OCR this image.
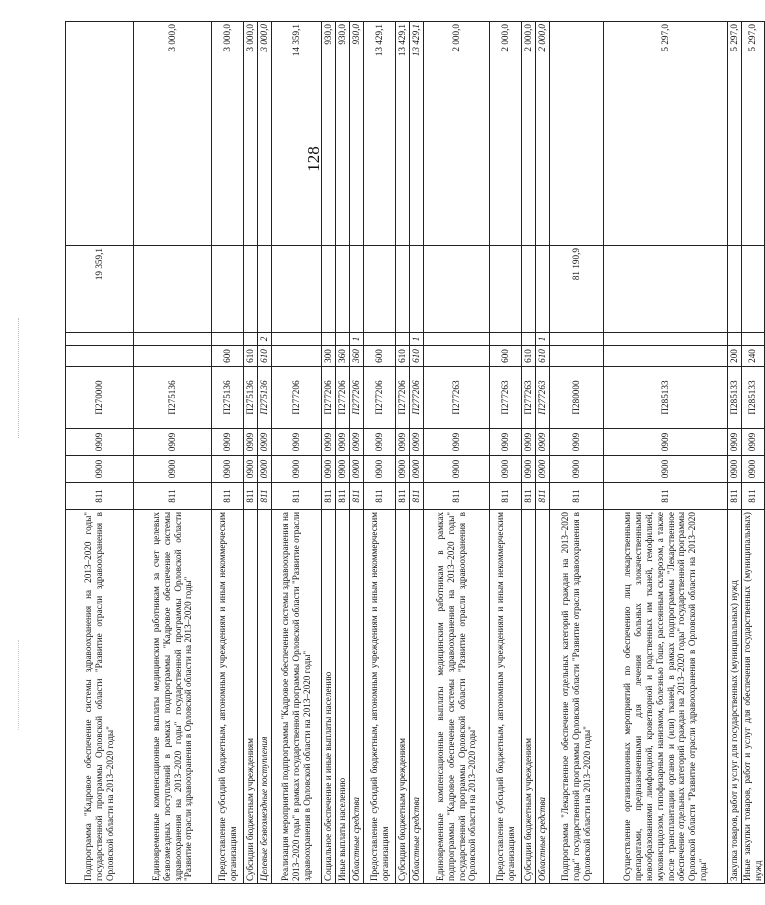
128
Подпрограмма "Кадровое обеспечение системы здравоохранения на 2013–2020 годы" государственной программы Орловской области "Развитие отрасли здравоохранения в Орловской области на 2013–2020 годы"	811	0900	0909	П270000			19 359,1	
Единовременные компенсационные выплаты медицинским работникам за счет целевых безвозмездных поступлений в рамках подпрограммы "Кадровое обеспечение системы здравоохранения на 2013–2020 годы" государственной программы Орловской области "Развитие отрасли здравоохранения в Орловской области на 2013–2020 годы"	811	0900	0909	П275136				3 000,0
Предоставление субсидий бюджетным, автономным учреждениям и иным некоммерческим организациям	811	0900	0909	П275136	600			3 000,0
Субсидии бюджетным учреждениям	811	0900	0909	П275136	610			3 000,0
Целевые безвозмездные поступления	811	0900	0909	П275136	610	2		3 000,0
Реализация мероприятий подпрограммы "Кадровое обеспечение системы здравоохранения на 2013–2020 годы" в рамках государственной программы Орловской области "Развитие отрасли здравоохранения в Орловской области на 2013–2020 годы"	811	0900	0909	П277206				14 359,1
Социальное обеспечение и иные выплаты населению	811	0900	0909	П277206	300			930,0
Иные выплаты населению	811	0900	0909	П277206	360			930,0
Областные средства	811	0900	0909	П277206	360	1		930,0
Предоставление субсидий бюджетным, автономным учреждениям и иным некоммерческим организациям	811	0900	0909	П277206	600			13 429,1
Субсидии бюджетным учреждениям	811	0900	0909	П277206	610			13 429,1
Областные средства	811	0900	0909	П277206	610	1		13 429,1
Единовременные компенсационные выплаты медицинским работникам в рамках подпрограммы "Кадровое обеспечение системы здравоохранения на 2013–2020 годы" государственной программы Орловской области "Развитие отрасли здравоохранения в Орловской области на 2013–2020 годы"	811	0900	0909	П277263				2 000,0
Предоставление субсидий бюджетным, автономным учреждениям и иным некоммерческим организациям	811	0900	0909	П277263	600			2 000,0
Субсидии бюджетным учреждениям	811	0900	0909	П277263	610			2 000,0
Областные средства	811	0900	0909	П277263	610	1		2 000,0
Подпрограмма "Лекарственное обеспечение отдельных категорий граждан на 2013–2020 годы" государственной программы Орловской области "Развитие отрасли здравоохранения в Орловской области на 2013–2020 годы"	811	0900	0909	П280000			81 190,9	
Осуществление организационных мероприятий по обеспечению лиц лекарственными препаратами, предназначенными для лечения больных злокачественными новообразованиями лимфоидной, кроветворной и родственных им тканей, гемофилией, муковисцидозом, гипофизарным нанизмом, болезнью Гоше, рассеянным склерозом, а также после трансплантации органов и (или) тканей, в рамках подпрограммы "Лекарственное обеспечение отдельных категорий граждан на 2013–2020 годы" государственной программы Орловской области "Развитие отрасли здравоохранения в Орловской области на 2013–2020 годы"	811	0900	0909	П285133				5 297,0
Закупка товаров, работ и услуг для государственных (муниципальных) нужд	811	0900	0909	П285133	200			5 297,0
Иные закупки товаров, работ и услуг для обеспечения государственных (муниципальных) нужд	811	0900	0909	П285133	240			5 297,0
